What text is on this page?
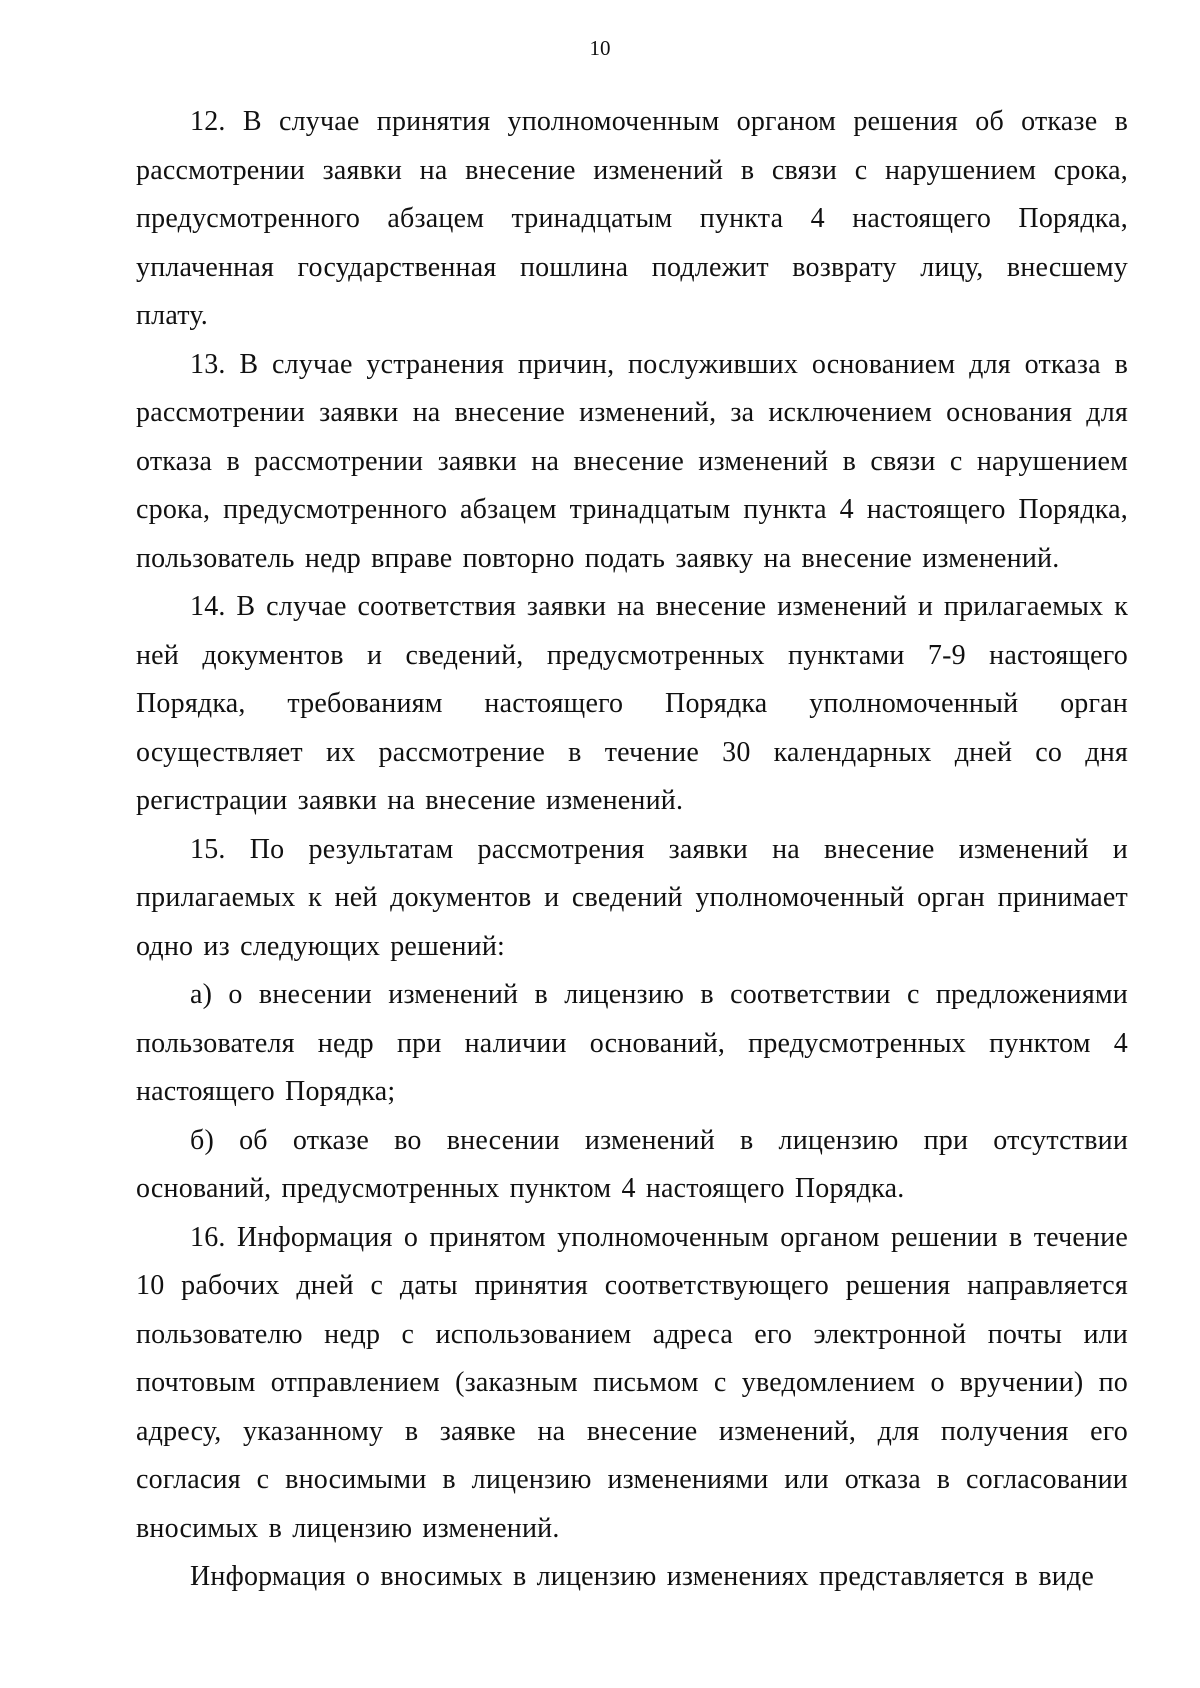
10

12. В случае принятия уполномоченным органом решения об отказе в рассмотрении заявки на внесение изменений в связи с нарушением срока, предусмотренного абзацем тринадцатым пункта 4 настоящего Порядка, уплаченная государственная пошлина подлежит возврату лицу, внесшему плату.

13. В случае устранения причин, послуживших основанием для отказа в рассмотрении заявки на внесение изменений, за исключением основания для отказа в рассмотрении заявки на внесение изменений в связи с нарушением срока, предусмотренного абзацем тринадцатым пункта 4 настоящего Порядка, пользователь недр вправе повторно подать заявку на внесение изменений.

14. В случае соответствия заявки на внесение изменений и прилагаемых к ней документов и сведений, предусмотренных пунктами 7-9 настоящего Порядка, требованиям настоящего Порядка уполномоченный орган осуществляет их рассмотрение в течение 30 календарных дней со дня регистрации заявки на внесение изменений.

15. По результатам рассмотрения заявки на внесение изменений и прилагаемых к ней документов и сведений уполномоченный орган принимает одно из следующих решений:

а) о внесении изменений в лицензию в соответствии с предложениями пользователя недр при наличии оснований, предусмотренных пунктом 4 настоящего Порядка;

б) об отказе во внесении изменений в лицензию при отсутствии оснований, предусмотренных пунктом 4 настоящего Порядка.

16. Информация о принятом уполномоченным органом решении в течение 10 рабочих дней с даты принятия соответствующего решения направляется пользователю недр с использованием адреса его электронной почты или почтовым отправлением (заказным письмом с уведомлением о вручении) по адресу, указанному в заявке на внесение изменений, для получения его согласия с вносимыми в лицензию изменениями или отказа в согласовании вносимых в лицензию изменений.

Информация о вносимых в лицензию изменениях представляется в виде
